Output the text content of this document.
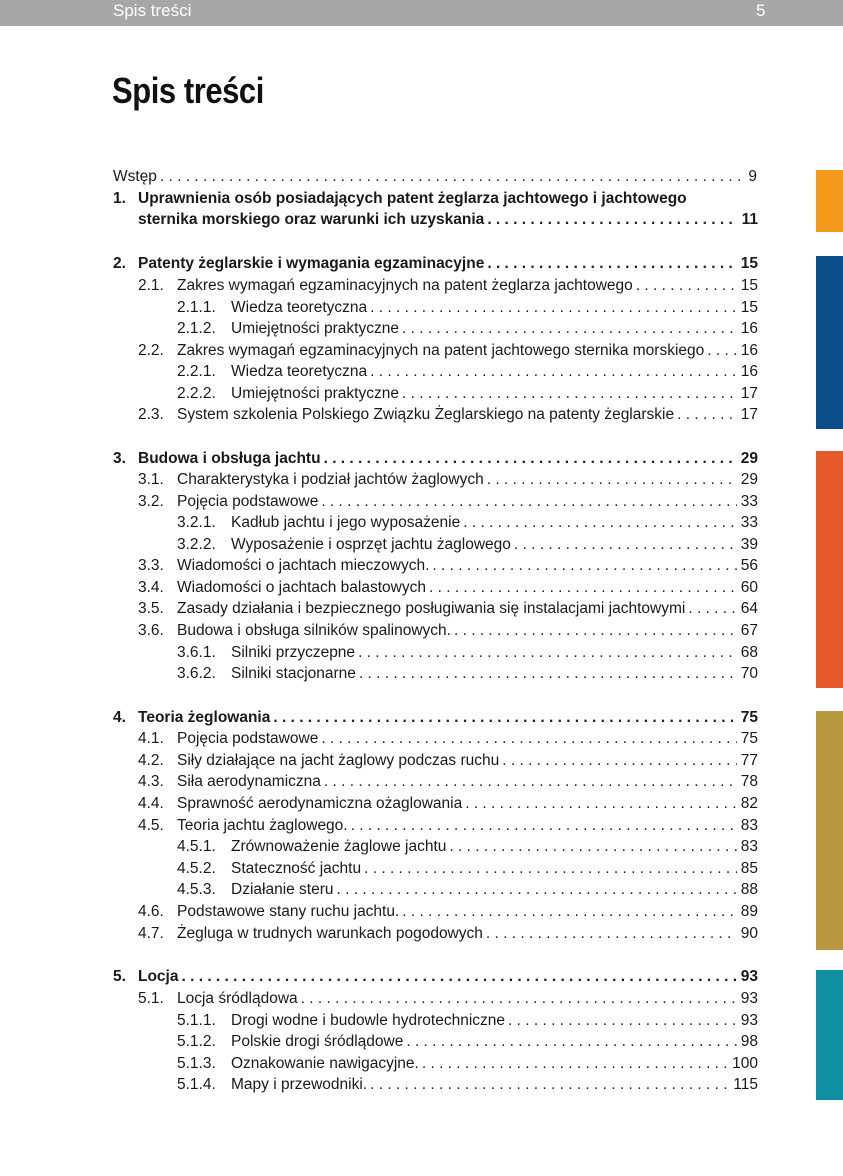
Spis treści	5
Spis treści
Wstęp . . .	9
1. Uprawnienia osób posiadających patent żeglarza jachtowego i jachtowego
sternika morskiego oraz warunki ich uzyskania . . .	11
2. Patenty żeglarskie i wymagania egzaminacyjne . . .	15
2.1. Zakres wymagań egzaminacyjnych na patent żeglarza jachtowego . . .	15
2.1.1. Wiedza teoretyczna . . .	15
2.1.2. Umiejętności praktyczne . . .	16
2.2. Zakres wymagań egzaminacyjnych na patent jachtowego sternika morskiego . . . 16
2.2.1. Wiedza teoretyczna . . .	16
2.2.2. Umiejętności praktyczne . . .	17
2.3. System szkolenia Polskiego Związku Żeglarskiego na patenty żeglarskie . . .	17
3. Budowa i obsługa jachtu . . .	29
3.1. Charakterystyka i podział jachtów żaglowych . . .	29
3.2. Pojęcia podstawowe . . .	33
3.2.1. Kadłub jachtu i jego wyposażenie . . .	33
3.2.2. Wyposażenie i osprzęt jachtu żaglowego . . .	39
3.3. Wiadomości o jachtach mieczowych. . . .	56
3.4. Wiadomości o jachtach balastowych . . .	60
3.5. Zasady działania i bezpiecznego posługiwania się instalacjami jachtowymi . . .	64
3.6. Budowa i obsługa silników spalinowych. . . .	67
3.6.1. Silniki przyczepne . . .	68
3.6.2. Silniki stacjonarne . . .	70
4. Teoria żeglowania . . .	75
4.1. Pojęcia podstawowe . . .	75
4.2. Siły działające na jacht żaglowy podczas ruchu . . .	77
4.3. Siła aerodynamiczna . . .	78
4.4. Sprawność aerodynamiczna ożaglowania . . .	82
4.5. Teoria jachtu żaglowego. . . .	83
4.5.1. Zrównoważenie żaglowe jachtu . . .	83
4.5.2. Stateczność jachtu . . .	85
4.5.3. Działanie steru . . .	88
4.6. Podstawowe stany ruchu jachtu. . . .	89
4.7. Żegluga w trudnych warunkach pogodowych . . .	90
5. Locja . . .	93
5.1. Locja śródlądowa . . .	93
5.1.1. Drogi wodne i budowle hydrotechniczne . . .	93
5.1.2. Polskie drogi śródlądowe . . .	98
5.1.3. Oznakowanie nawigacyjne. . . .	100
5.1.4. Mapy i przewodniki. . . .	115
